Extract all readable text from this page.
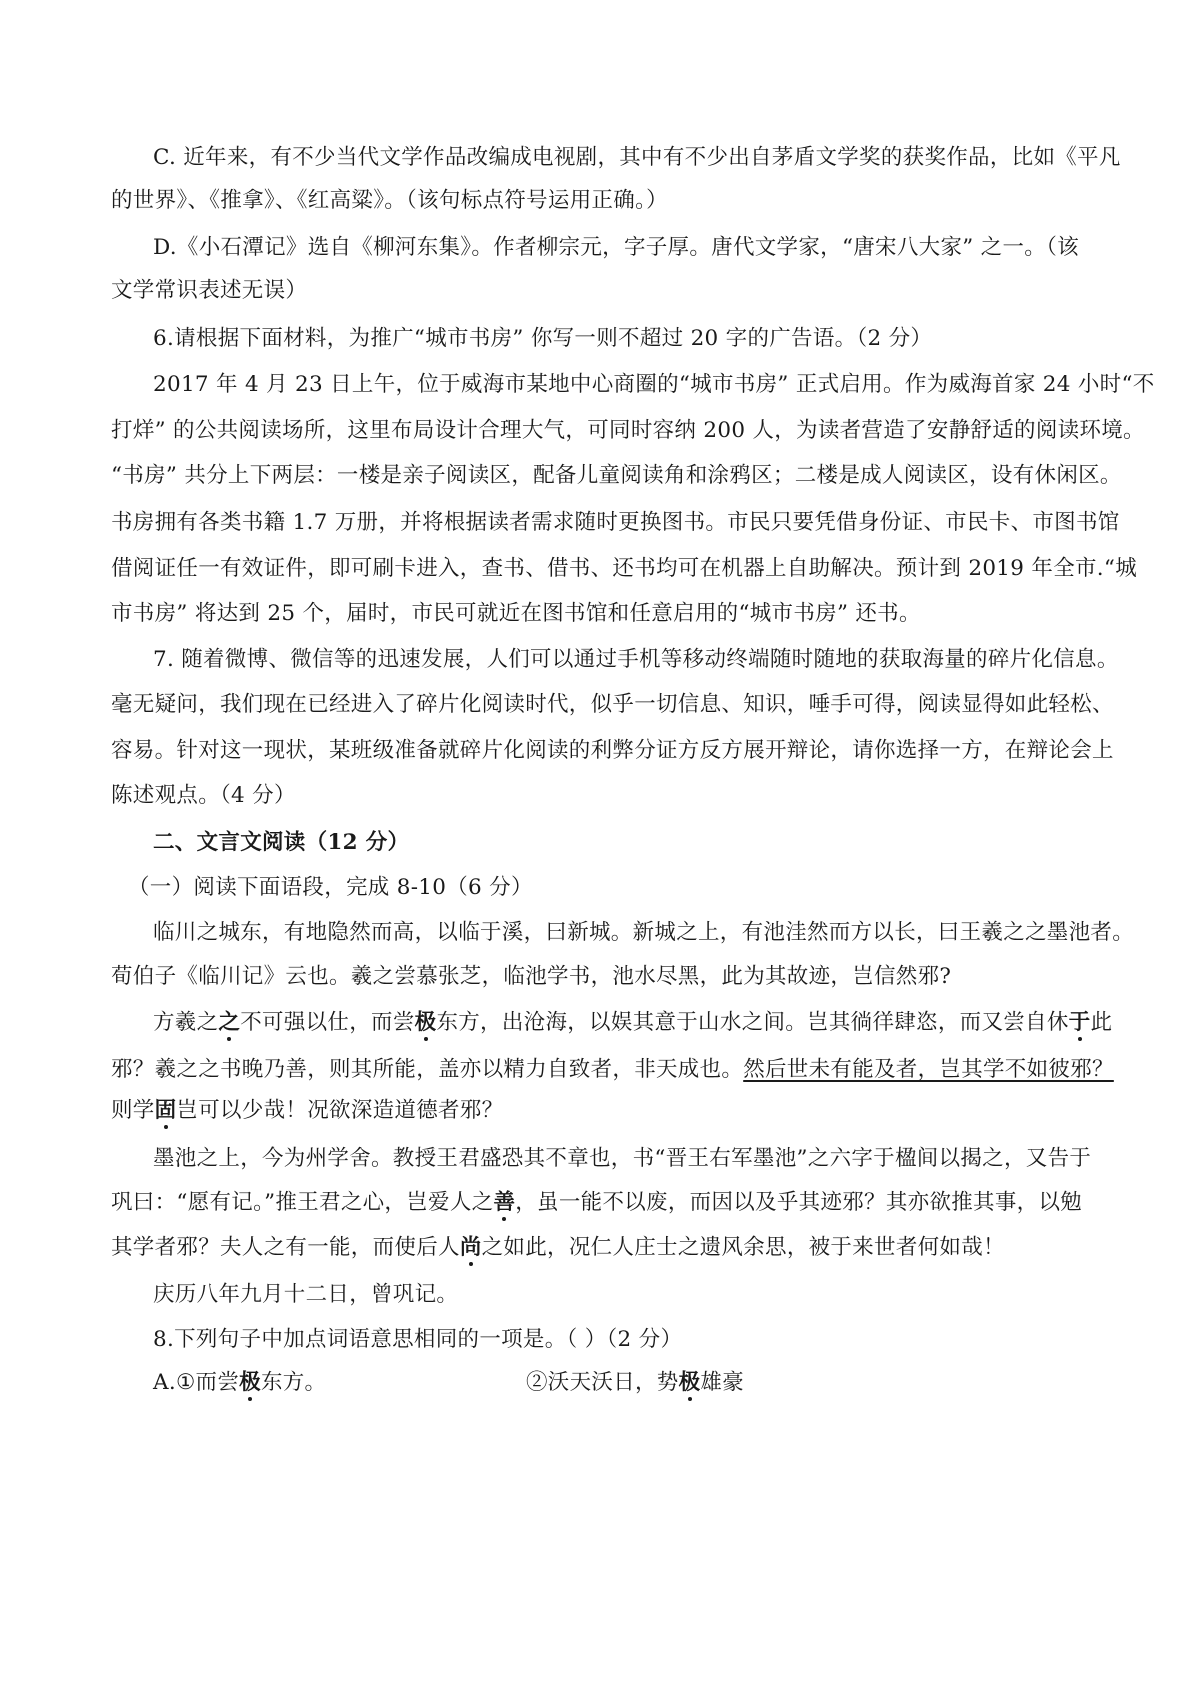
C. 近年来，有不少当代文学作品改编成电视剧，其中有不少出自茅盾文学奖的获奖作品，比如《平凡
的世界》、《推拿》、《红高粱》。（该句标点符号运用正确。）
D.《小石潭记》选自《柳河东集》。作者柳宗元，字子厚。唐代文学家，“唐宋八大家” 之一。（该
文学常识表述无误）
6.请根据下面材料，为推广“城市书房” 你写一则不超过 20 字的广告语。（2 分）
2017 年 4 月 23 日上午，位于威海市某地中心商圈的“城市书房” 正式启用。作为威海首家 24 小时“不
打烊” 的公共阅读场所，这里布局设计合理大气，可同时容纳 200 人，为读者营造了安静舒适的阅读环境。
“书房” 共分上下两层：一楼是亲子阅读区，配备儿童阅读角和涂鸦区；二楼是成人阅读区，设有休闲区。
书房拥有各类书籍 1.7 万册，并将根据读者需求随时更换图书。市民只要凭借身份证、市民卡、市图书馆
借阅证任一有效证件，即可刷卡进入，查书、借书、还书均可在机器上自助解决。预计到 2019 年全市.“城
市书房” 将达到 25 个，届时，市民可就近在图书馆和任意启用的“城市书房” 还书。
7. 随着微博、微信等的迅速发展，人们可以通过手机等移动终端随时随地的获取海量的碎片化信息。
毫无疑问，我们现在已经进入了碎片化阅读时代，似乎一切信息、知识，唾手可得，阅读显得如此轻松、
容易。针对这一现状，某班级准备就碎片化阅读的利弊分证方反方展开辩论，请你选择一方，在辩论会上
陈述观点。（4 分）
二、文言文阅读（12 分）
（一）阅读下面语段，完成 8-10（6 分）
临川之城东，有地隐然而高，以临于溪，曰新城。新城之上，有池洼然而方以长，曰王羲之之墨池者。
荀伯子《临川记》云也。羲之尝慕张芝，临池学书，池水尽黑，此为其故迹，岂信然邪?
方羲之之不可强以仕，而尝极东方，出沧海，以娱其意于山水之间。岂其徜徉肆恣，而又尝自休于此
邪？羲之之书晚乃善，则其所能，盖亦以精力自致者，非天成也。然后世未有能及者，岂其学不如彼邪？
则学固岂可以少哉！况欲深造道德者邪？
墨池之上，今为州学舍。教授王君盛恐其不章也，书“晋王右军墨池”之六字于楹间以揭之，又告于
巩曰：“愿有记。”推王君之心，岂爱人之善，虽一能不以废，而因以及乎其迹邪？其亦欲推其事，以勉
其学者邪？夫人之有一能，而使后人尚之如此，况仁人庄士之遗风余思，被于来世者何如哉！
庆历八年九月十二日，曾巩记。
8.下列句子中加点词语意思相同的一项是。（ ）（2 分）
A.①而尝极东方。	②沃天沃日，势极雄豪
